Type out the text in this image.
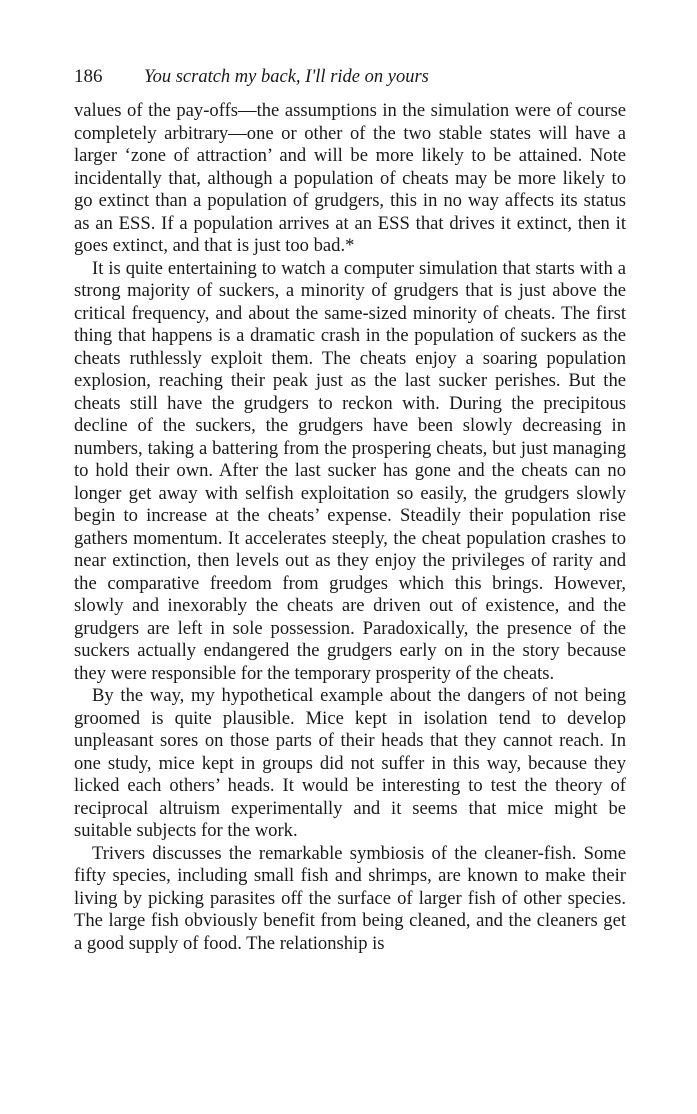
186	You scratch my back, I'll ride on yours

values of the pay-offs—the assumptions in the simulation were of course completely arbitrary—one or other of the two stable states will have a larger ‘zone of attraction’ and will be more likely to be attained. Note incidentally that, although a population of cheats may be more likely to go extinct than a population of grudgers, this in no way affects its status as an ESS. If a population arrives at an ESS that drives it extinct, then it goes extinct, and that is just too bad.*

It is quite entertaining to watch a computer simulation that starts with a strong majority of suckers, a minority of grudgers that is just above the critical frequency, and about the same-sized minority of cheats. The first thing that happens is a dramatic crash in the population of suckers as the cheats ruthlessly exploit them. The cheats enjoy a soaring population explosion, reaching their peak just as the last sucker perishes. But the cheats still have the grudgers to reckon with. During the precipitous decline of the suckers, the grudgers have been slowly decreasing in numbers, taking a battering from the prospering cheats, but just managing to hold their own. After the last sucker has gone and the cheats can no longer get away with selfish exploitation so easily, the grudgers slowly begin to increase at the cheats’ expense. Steadily their population rise gathers momentum. It accelerates steeply, the cheat population crashes to near extinction, then levels out as they enjoy the privileges of rarity and the comparative freedom from grudges which this brings. However, slowly and inexorably the cheats are driven out of existence, and the grudgers are left in sole possession. Paradoxically, the presence of the suckers actually endangered the grudgers early on in the story because they were responsible for the temporary prosperity of the cheats.

By the way, my hypothetical example about the dangers of not being groomed is quite plausible. Mice kept in isolation tend to develop unpleasant sores on those parts of their heads that they cannot reach. In one study, mice kept in groups did not suffer in this way, because they licked each others’ heads. It would be interesting to test the theory of reciprocal altruism experimentally and it seems that mice might be suitable subjects for the work.

Trivers discusses the remarkable symbiosis of the cleaner-fish. Some fifty species, including small fish and shrimps, are known to make their living by picking parasites off the surface of larger fish of other species. The large fish obviously benefit from being cleaned, and the cleaners get a good supply of food. The relationship is
